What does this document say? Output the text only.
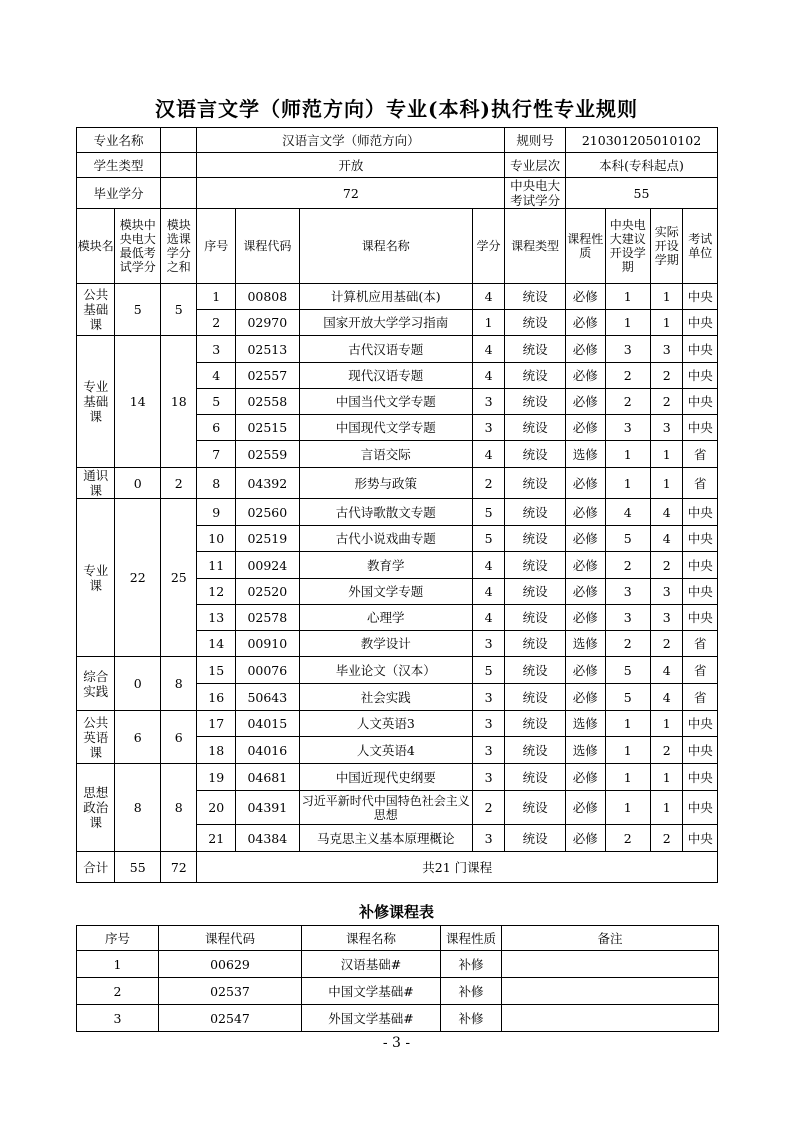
汉语言文学（师范方向）专业(本科)执行性专业规则
专业名称			汉语言文学（师范方向）				规则号	210301205010102			
学生类型			开放				专业层次	本科(专科起点)			
毕业学分			72				中央电大考试学分	55			
模块名	模块中央电大最低考试学分	模块选课学分之和	序号	课程代码	课程名称	学分	课程类型	课程性质	中央电大建议开设学期	实际开设学期	考试单位
公共基础课	5	5	1	00808	计算机应用基础(本)	4	统设	必修	1	1	中央
			2	02970	国家开放大学学习指南	1	统设	必修	1	1	中央
专业基础课	14	18	3	02513	古代汉语专题	4	统设	必修	3	3	中央
			4	02557	现代汉语专题	4	统设	必修	2	2	中央
			5	02558	中国当代文学专题	3	统设	必修	2	2	中央
			6	02515	中国现代文学专题	3	统设	必修	3	3	中央
			7	02559	言语交际	4	统设	选修	1	1	省
通识课	0	2	8	04392	形势与政策	2	统设	必修	1	1	省
专业课	22	25	9	02560	古代诗歌散文专题	5	统设	必修	4	4	中央
			10	02519	古代小说戏曲专题	5	统设	必修	5	4	中央
			11	00924	教育学	4	统设	必修	2	2	中央
			12	02520	外国文学专题	4	统设	必修	3	3	中央
			13	02578	心理学	4	统设	必修	3	3	中央
			14	00910	教学设计	3	统设	选修	2	2	省
综合实践	0	8	15	00076	毕业论文（汉本）	5	统设	必修	5	4	省
			16	50643	社会实践	3	统设	必修	5	4	省
公共英语课	6	6	17	04015	人文英语3	3	统设	选修	1	1	中央
			18	04016	人文英语4	3	统设	选修	1	2	中央
思想政治课	8	8	19	04681	中国近现代史纲要	3	统设	必修	1	1	中央
			20	04391	习近平新时代中国特色社会主义思想	2	统设	必修	1	1	中央
			21	04384	马克思主义基本原理概论	3	统设	必修	2	2	中央
合计	55	72	共21 门课程								
补修课程表
序号	课程代码	课程名称	课程性质	备注
1	00629	汉语基础#	补修	
2	02537	中国文学基础#	补修	
3	02547	外国文学基础#	补修	
- 3 -
